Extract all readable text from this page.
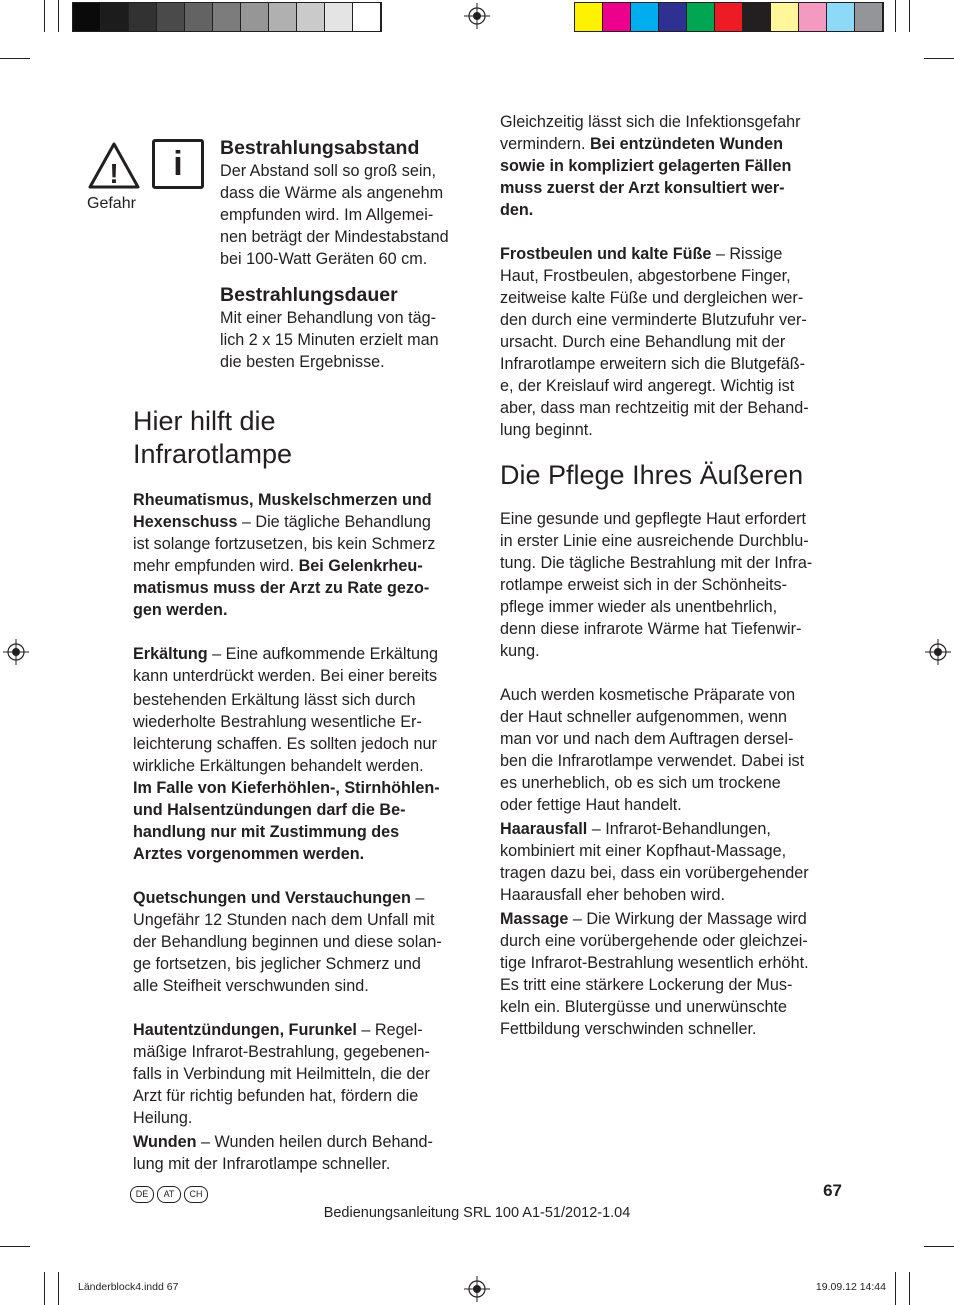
!
Gefahr
i	Bestrahlungsabstand

Der Abstand soll so groß sein,

dass die Wärme als angenehm

empfunden wird. Im Allgemei-

nen beträgt der Mindestabstand

bei 100-Watt Geräten 60 cm.

Bestrahlungsdauer

Mit einer Behandlung von täg-

lich 2 x 15 Minuten erzielt man

die besten Ergebnisse.

Hier hilft die
Infrarotlampe

Rheumatismus, Muskelschmerzen und

Hexenschuss – Die tägliche Behandlung

ist solange fortzusetzen, bis kein Schmerz

mehr empfunden wird. Bei Gelenkrheu-

matismus muss der Arzt zu Rate gezo-

gen werden.

Erkältung – Eine aufkommende Erkältung

kann unterdrückt werden. Bei einer bereits

bestehenden Erkältung lässt sich durch

wiederholte Bestrahlung wesentliche Er-

leichterung schaffen. Es sollten jedoch nur

wirkliche Erkältungen behandelt werden.

Im Falle von Kieferhöhlen-, Stirnhöhlen-

und Halsentzündungen darf die Be-

handlung nur mit Zustimmung des

Arztes vorgenommen werden.

Quetschungen und Verstauchungen –

Ungefähr 12 Stunden nach dem Unfall mit

der Behandlung beginnen und diese solan-

ge fortsetzen, bis jeglicher Schmerz und

alle Steifheit verschwunden sind.

Hautentzündungen, Furunkel – Regel-

mäßige Infrarot-Bestrahlung, gegebenen-

falls in Verbindung mit Heilmitteln, die der

Arzt für richtig befunden hat, fördern die

Heilung.

Wunden – Wunden heilen durch Behand-

lung mit der Infrarotlampe schneller.

Gleichzeitig lässt sich die Infektionsgefahr

vermindern. Bei entzündeten Wunden

sowie in kompliziert gelagerten Fällen

muss zuerst der Arzt konsultiert wer-

den.

Frostbeulen und kalte Füße – Rissige

Haut, Frostbeulen, abgestorbene Finger,

zeitweise kalte Füße und dergleichen wer-

den durch eine verminderte Blutzufuhr ver-

ursacht. Durch eine Behandlung mit der

Infrarotlampe erweitern sich die Blutgefäß-

e, der Kreislauf wird angeregt. Wichtig ist

aber, dass man rechtzeitig mit der Behand-

lung beginnt.

Die Pflege Ihres Äußeren

Eine gesunde und gepflegte Haut erfordert

in erster Linie eine ausreichende Durchblu-

tung. Die tägliche Bestrahlung mit der Infra-

rotlampe erweist sich in der Schönheits-

pflege immer wieder als unentbehrlich,

denn diese infrarote Wärme hat Tiefenwir-

kung.

Auch werden kosmetische Präparate von

der Haut schneller aufgenommen, wenn

man vor und nach dem Auftragen dersel-

ben die Infrarotlampe verwendet. Dabei ist

es unerheblich, ob es sich um trockene

oder fettige Haut handelt.

Haarausfall – Infrarot-Behandlungen,

kombiniert mit einer Kopfhaut-Massage,

tragen dazu bei, dass ein vorübergehender

Haarausfall eher behoben wird.

Massage – Die Wirkung der Massage wird

durch eine vorübergehende oder gleichzei-

tige Infrarot-Bestrahlung wesentlich erhöht.

Es tritt eine stärkere Lockerung der Mus-

keln ein. Blutergüsse und unerwünschte

Fettbildung verschwinden schneller.

DE AT CH	67
Bedienungsanleitung SRL 100 A1-51/2012-1.04
Länderblock4.indd 67	19.09.12 14:44
